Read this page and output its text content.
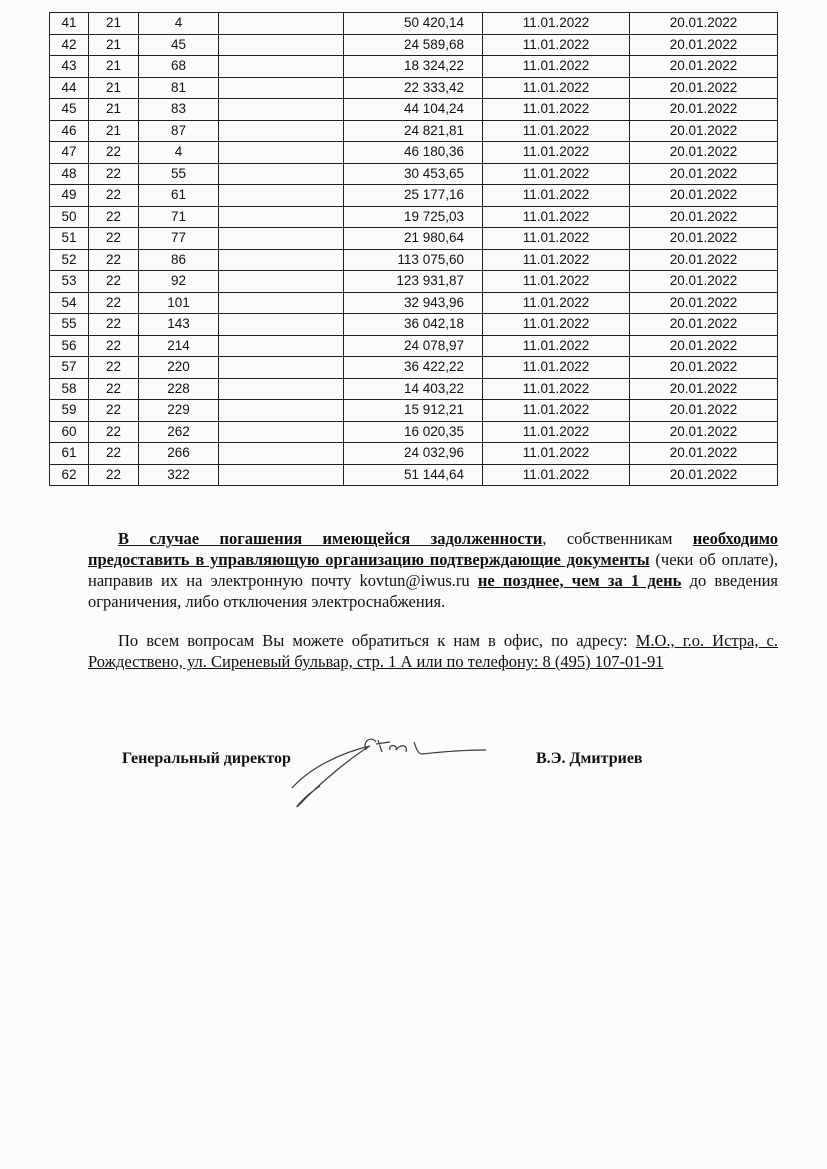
41	21	4		50 420,14	11.01.2022	20.01.2022
42	21	45		24 589,68	11.01.2022	20.01.2022
43	21	68		18 324,22	11.01.2022	20.01.2022
44	21	81		22 333,42	11.01.2022	20.01.2022
45	21	83		44 104,24	11.01.2022	20.01.2022
46	21	87		24 821,81	11.01.2022	20.01.2022
47	22	4		46 180,36	11.01.2022	20.01.2022
48	22	55		30 453,65	11.01.2022	20.01.2022
49	22	61		25 177,16	11.01.2022	20.01.2022
50	22	71		19 725,03	11.01.2022	20.01.2022
51	22	77		21 980,64	11.01.2022	20.01.2022
52	22	86		113 075,60	11.01.2022	20.01.2022
53	22	92		123 931,87	11.01.2022	20.01.2022
54	22	101		32 943,96	11.01.2022	20.01.2022
55	22	143		36 042,18	11.01.2022	20.01.2022
56	22	214		24 078,97	11.01.2022	20.01.2022
57	22	220		36 422,22	11.01.2022	20.01.2022
58	22	228		14 403,22	11.01.2022	20.01.2022
59	22	229		15 912,21	11.01.2022	20.01.2022
60	22	262		16 020,35	11.01.2022	20.01.2022
61	22	266		24 032,96	11.01.2022	20.01.2022
62	22	322		51 144,64	11.01.2022	20.01.2022

В случае погашения имеющейся задолженности, собственникам необходимо предоставить в управляющую организацию подтверждающие документы (чеки об оплате), направив их на электронную почту kovtun@iwus.ru не позднее, чем за 1 день до введения ограничения, либо отключения электроснабжения.

По всем вопросам Вы можете обратиться к нам в офис, по адресу: М.О., г.о. Истра, с. Рождествено, ул. Сиреневый бульвар, стр. 1 А или по телефону: 8 (495) 107-01-91

Генеральный директор	В.Э. Дмитриев
